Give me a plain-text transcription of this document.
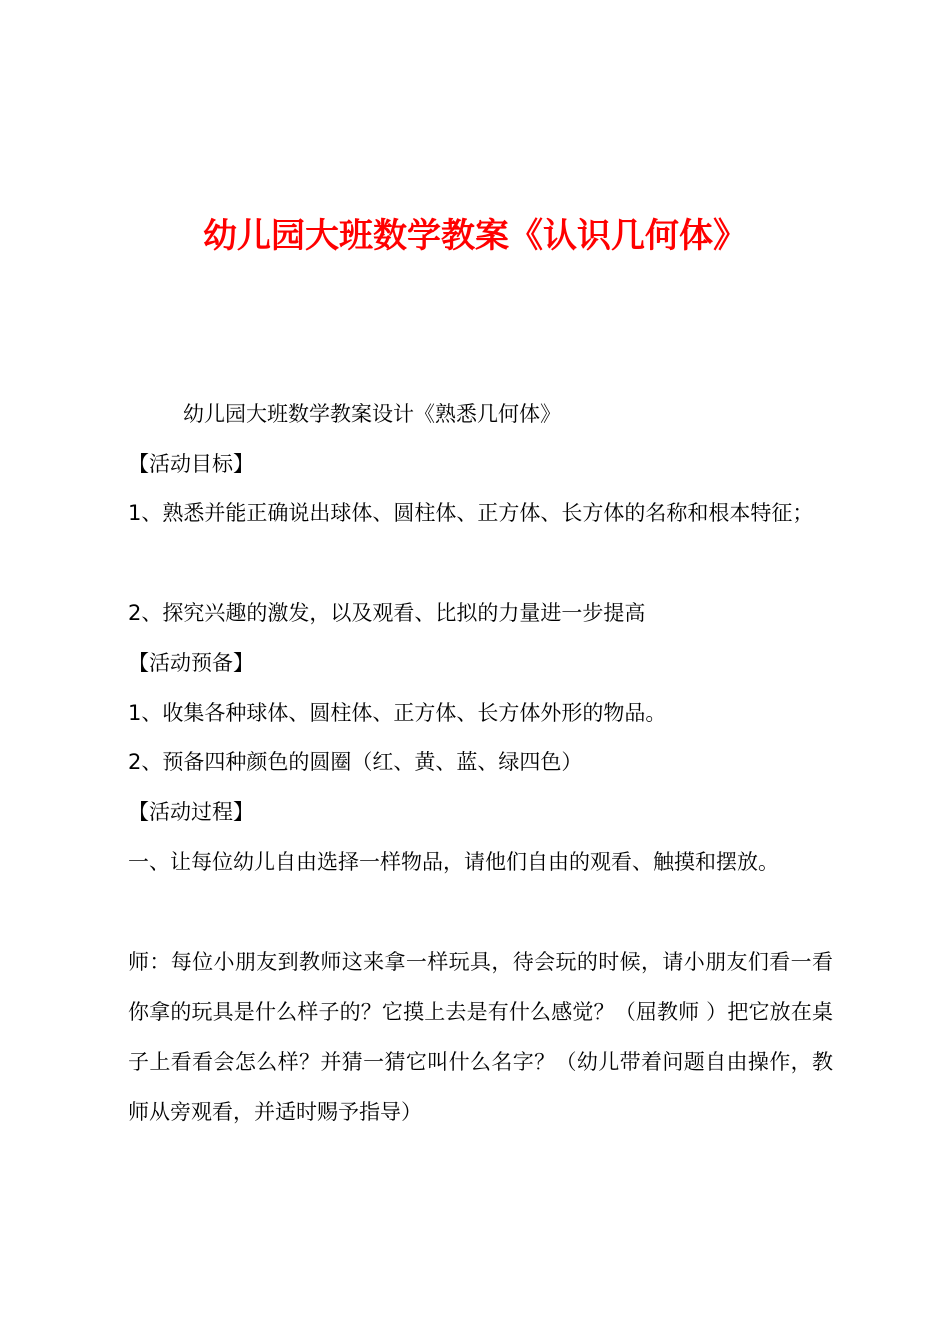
幼儿园大班数学教案《认识几何体》

幼儿园大班数学教案设计《熟悉几何体》

【活动目标】

1、熟悉并能正确说出球体、圆柱体、正方体、长方体的名称和根本特征；

2、探究兴趣的激发，以及观看、比拟的力量进一步提高

【活动预备】

1、收集各种球体、圆柱体、正方体、长方体外形的物品。

2、预备四种颜色的圆圈（红、黄、蓝、绿四色）

【活动过程】

一、让每位幼儿自由选择一样物品，请他们自由的观看、触摸和摆放。

师：每位小朋友到教师这来拿一样玩具，待会玩的时候，请小朋友们看一看你拿的玩具是什么样子的？它摸上去是有什么感觉？（屈教师 ）把它放在桌子上看看会怎么样？并猜一猜它叫什么名字？（幼儿带着问题自由操作，教师从旁观看，并适时赐予指导）
